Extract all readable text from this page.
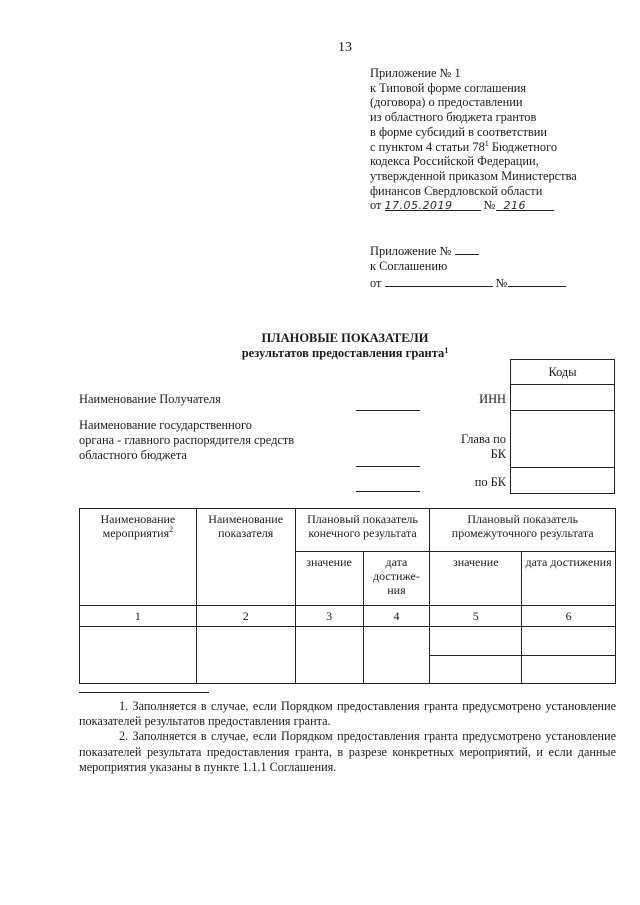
13
Приложение № 1
к Типовой форме соглашения
(договора) о предоставлении
из областного бюджета грантов
в форме субсидий в соответствии
с пунктом 4 статьи $78^1$ Бюджетного
кодекса Российской Федерации,
утвержденной приказом Министерства
финансов Свердловской области
от 17.05.2019	№ 216
Приложение №
к Соглашению
от	№
ПЛАНОВЫЕ ПОКАЗАТЕЛИ
результатов предоставления гранта$^1$
Наименование Получателя
Наименование государственного
органа - главного распорядителя средств
областного бюджета
ИНН
Глава по
БК
по БК
Коды

Наименование мероприятия$^2$	Наименование показателя	Плановый показатель конечного результата		Плановый показатель промежуточного результата	
		значение	дата достиже-ния	значение	дата достижения
1	2	3	4	5	6

1. Заполняется в случае, если Порядком предоставления гранта предусмотрено установление показателей результатов предоставления гранта.

2. Заполняется в случае, если Порядком предоставления гранта предусмотрено установление показателей результата предоставления гранта, в разрезе конкретных мероприятий, и если данные мероприятия указаны в пункте 1.1.1 Соглашения.
